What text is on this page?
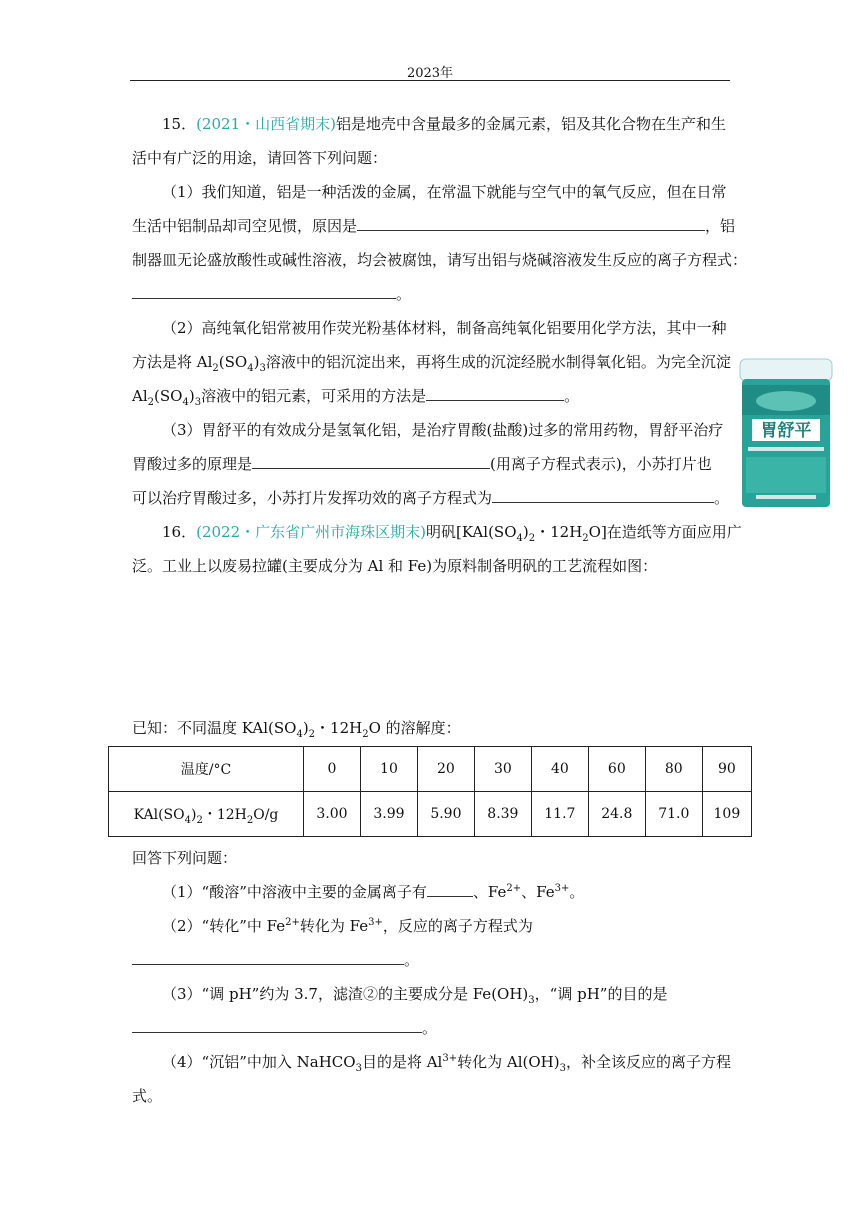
2023年
15．(2021・山西省期末)铝是地壳中含量最多的金属元素，铝及其化合物在生产和生
活中有广泛的用途，请回答下列问题：
（1）我们知道，铝是一种活泼的金属，在常温下就能与空气中的氧气反应，但在日常
生活中铝制品却司空见惯，原因是	，铝
制器皿无论盛放酸性或碱性溶液，均会被腐蚀，请写出铝与烧碱溶液发生反应的离子方程式：
。
（2）高纯氧化铝常被用作荧光粉基体材料，制备高纯氧化铝要用化学方法，其中一种
方法是将 $Al_2(SO_4)_3$溶液中的铝沉淀出来，再将生成的沉淀经脱水制得氧化铝。为完全沉淀
$Al_2(SO_4)_3$溶液中的铝元素，可采用的方法是	。
（3）胃舒平的有效成分是氢氧化铝，是治疗胃酸(盐酸)过多的常用药物，胃舒平治疗
胃酸过多的原理是	(用离子方程式表示)，小苏打片也
可以治疗胃酸过多，小苏打片发挥功效的离子方程式为	。
胃舒平
16．(2022・广东省广州市海珠区期末)明矾[$KAl(SO_4)_2$・$12H_2O$]在造纸等方面应用广
泛。工业上以废易拉罐(主要成分为 Al 和 Fe)为原料制备明矾的工艺流程如图：
已知：不同温度 $KAl(SO_4)_2$・$12H_2O$ 的溶解度：
温度/°C	0	10	20	30	40	60	80	90
$KAl(SO_4)_2$・$12H_2O/g$	3.00	3.99	5.90	8.39	11.7	24.8	71.0	109
回答下列问题：
（1）“酸溶”中溶液中主要的金属离子有	、$Fe^{2+}$、$Fe^{3+}$。
（2）“转化”中 $Fe^{2+}$转化为 $Fe^{3+}$，反应的离子方程式为
。
（3）“调 pH”约为 3.7，滤渣②的主要成分是 $Fe(OH)_3$，“调 pH”的目的是
。
（4）“沉铝”中加入 NaHCO$_3$目的是将 $Al^{3+}$转化为 $Al(OH)_3$，补全该反应的离子方程
式。
